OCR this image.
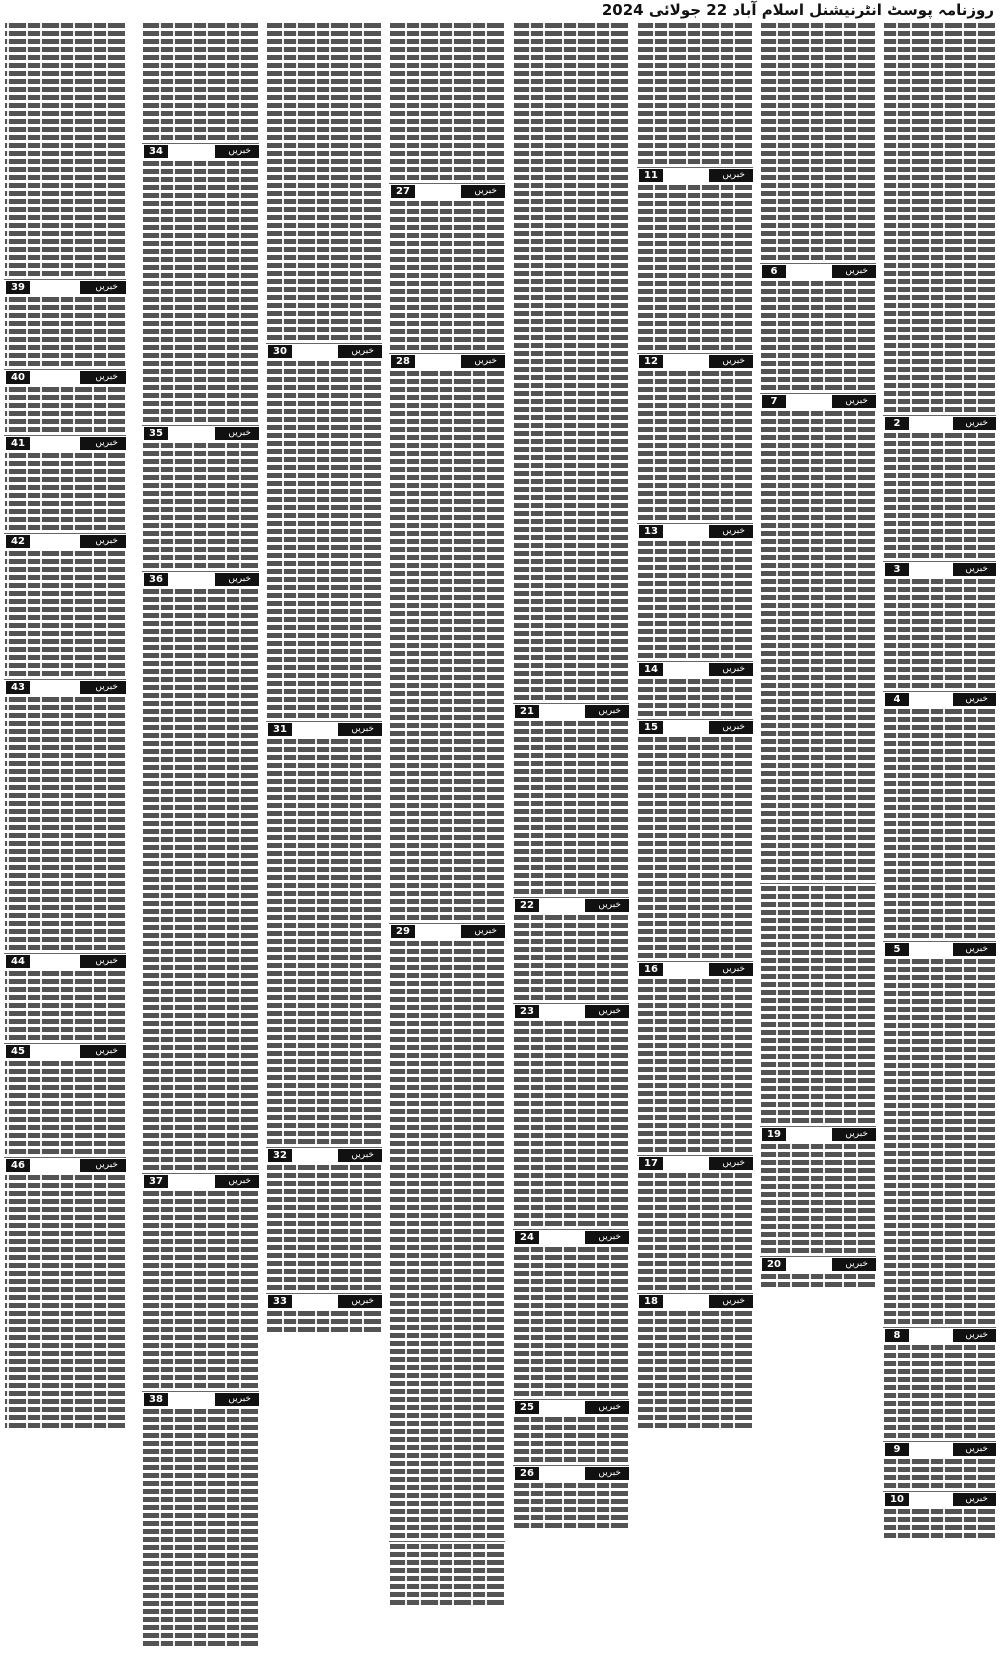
روزنامہ پوسٹ انٹرنیشنل اسلام آباد 22 جولائی 2024
خبریں
2
خبریں
3
خبریں
4
خبریں
5
خبریں
8
خبریں
9
خبریں
10
خبریں
6
خبریں
7
خبریں
19
خبریں
20
خبریں
11
خبریں
12
خبریں
13
خبریں
14
خبریں
15
خبریں
16
خبریں
17
خبریں
18
خبریں
21
خبریں
22
خبریں
23
خبریں
24
خبریں
25
خبریں
26
خبریں
27
خبریں
28
خبریں
29
خبریں
30
خبریں
31
خبریں
32
خبریں
33
خبریں
34
خبریں
35
خبریں
36
خبریں
37
خبریں
38
خبریں
39
خبریں
40
خبریں
41
خبریں
42
خبریں
43
خبریں
44
خبریں
45
خبریں
46
